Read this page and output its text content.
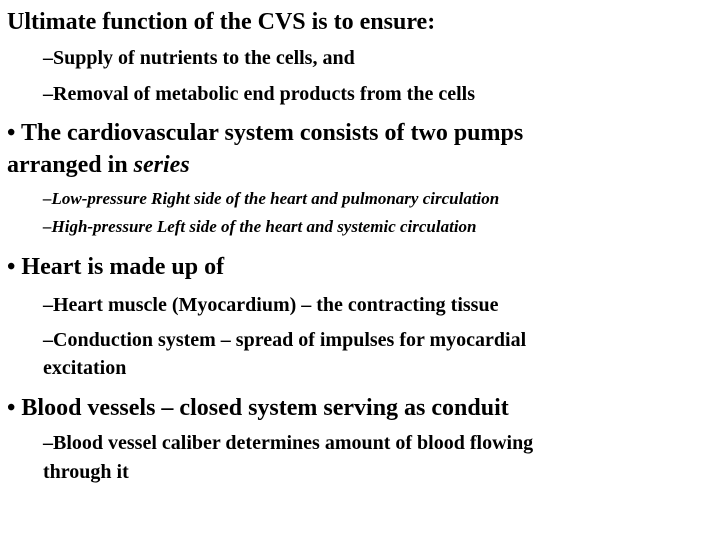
Ultimate function of the CVS is to ensure:
–Supply of nutrients to the cells, and
–Removal of metabolic end products from the cells
• The cardiovascular system consists of two pumps
arranged in series
–Low-pressure Right side of the heart and pulmonary circulation
–High-pressure Left side of the heart and systemic circulation
• Heart is made up of
–Heart muscle (Myocardium) – the contracting tissue
–Conduction system – spread of impulses for myocardial
excitation
• Blood vessels – closed system serving as conduit
–Blood vessel caliber determines amount of blood flowing
through it
